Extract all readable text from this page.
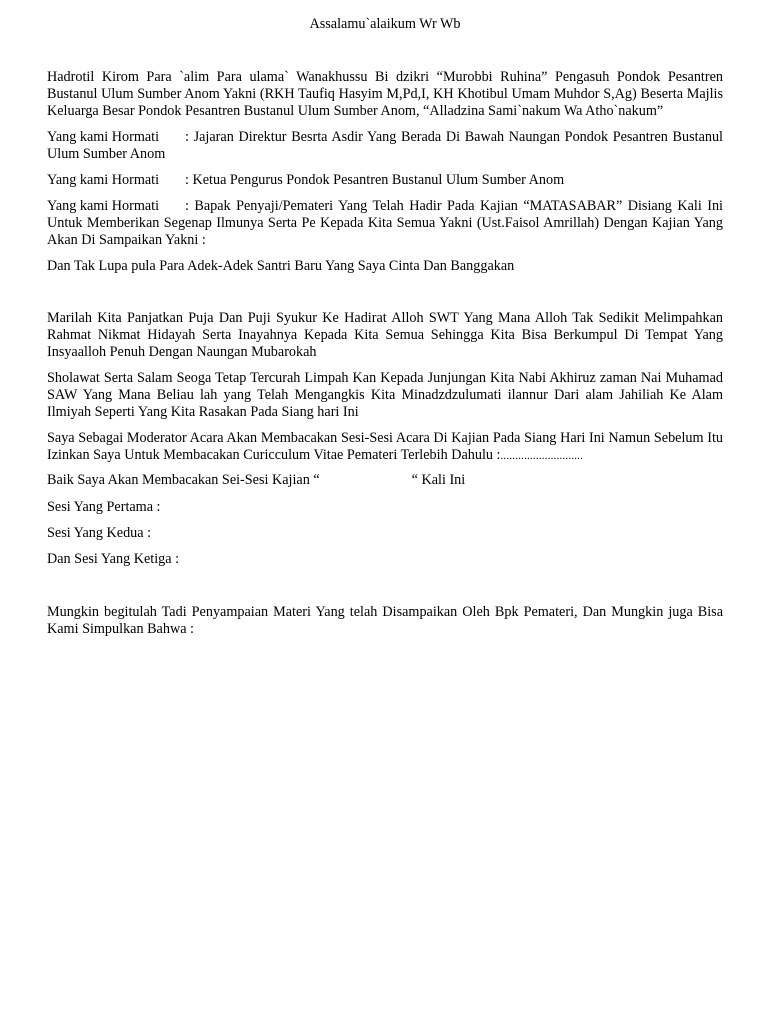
Assalamu`alaikum Wr Wb

Hadrotil Kirom Para `alim Para ulama` Wanakhussu Bi dzikri “Murobbi Ruhina” Pengasuh Pondok Pesantren Bustanul Ulum Sumber Anom Yakni (RKH Taufiq Hasyim M,Pd,I, KH Khotibul Umam Muhdor S,Ag) Beserta Majlis Keluarga Besar Pondok Pesantren Bustanul Ulum Sumber Anom, “Alladzina Sami`nakum Wa Atho`nakum”

Yang kami Hormati : Jajaran Direktur Besrta Asdir Yang Berada Di Bawah Naungan Pondok Pesantren Bustanul Ulum Sumber Anom

Yang kami Hormati : Ketua Pengurus Pondok Pesantren Bustanul Ulum Sumber Anom

Yang kami Hormati : Bapak Penyaji/Pemateri Yang Telah Hadir Pada Kajian “MATASABAR” Disiang Kali Ini Untuk Memberikan Segenap Ilmunya Serta Pe Kepada Kita Semua Yakni (Ust.Faisol Amrillah) Dengan Kajian Yang Akan Di Sampaikan Yakni :

Dan Tak Lupa pula Para Adek-Adek Santri Baru Yang Saya Cinta Dan Banggakan

Marilah Kita Panjatkan Puja Dan Puji Syukur Ke Hadirat Alloh SWT Yang Mana Alloh Tak Sedikit Melimpahkan Rahmat Nikmat Hidayah Serta Inayahnya Kepada Kita Semua Sehingga Kita Bisa Berkumpul Di Tempat Yang Insyaalloh Penuh Dengan Naungan Mubarokah

Sholawat Serta Salam Seoga Tetap Tercurah Limpah Kan Kepada Junjungan Kita Nabi Akhiruz zaman Nai Muhamad SAW Yang Mana Beliau lah yang Telah Mengangkis Kita Minadzdzulumati ilannur Dari alam Jahiliah Ke Alam Ilmiyah Seperti Yang Kita Rasakan Pada Siang hari Ini

Saya Sebagai Moderator Acara Akan Membacakan Sesi-Sesi Acara Di Kajian Pada Siang Hari Ini Namun Sebelum Itu Izinkan Saya Untuk Membacakan Curicculum Vitae Pemateri Terlebih Dahulu :............................

Baik Saya Akan Membacakan Sei-Sesi Kajian “	“ Kali Ini

Sesi Yang Pertama :

Sesi Yang Kedua :

Dan Sesi Yang Ketiga :

Mungkin begitulah Tadi Penyampaian Materi Yang telah Disampaikan Oleh Bpk Pemateri, Dan Mungkin juga Bisa Kami Simpulkan Bahwa :
